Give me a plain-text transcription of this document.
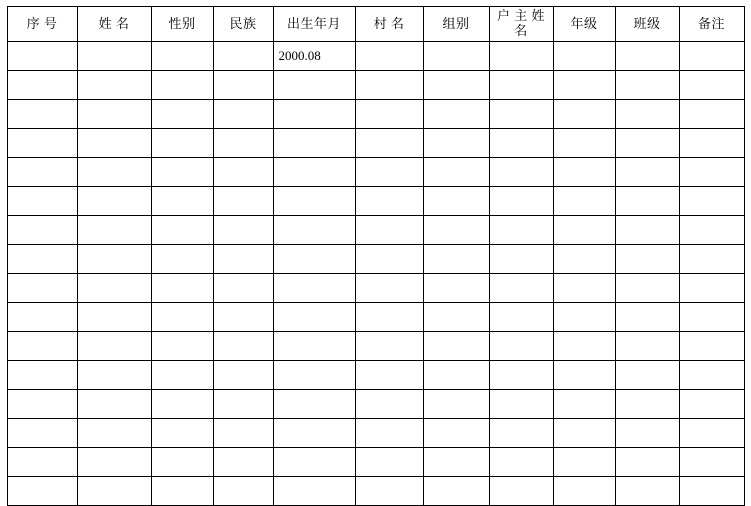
序 号	姓 名	性别	民族	出生年月	村 名	组别	户 主 姓 名	年级	班级	备注

				2000.08						
